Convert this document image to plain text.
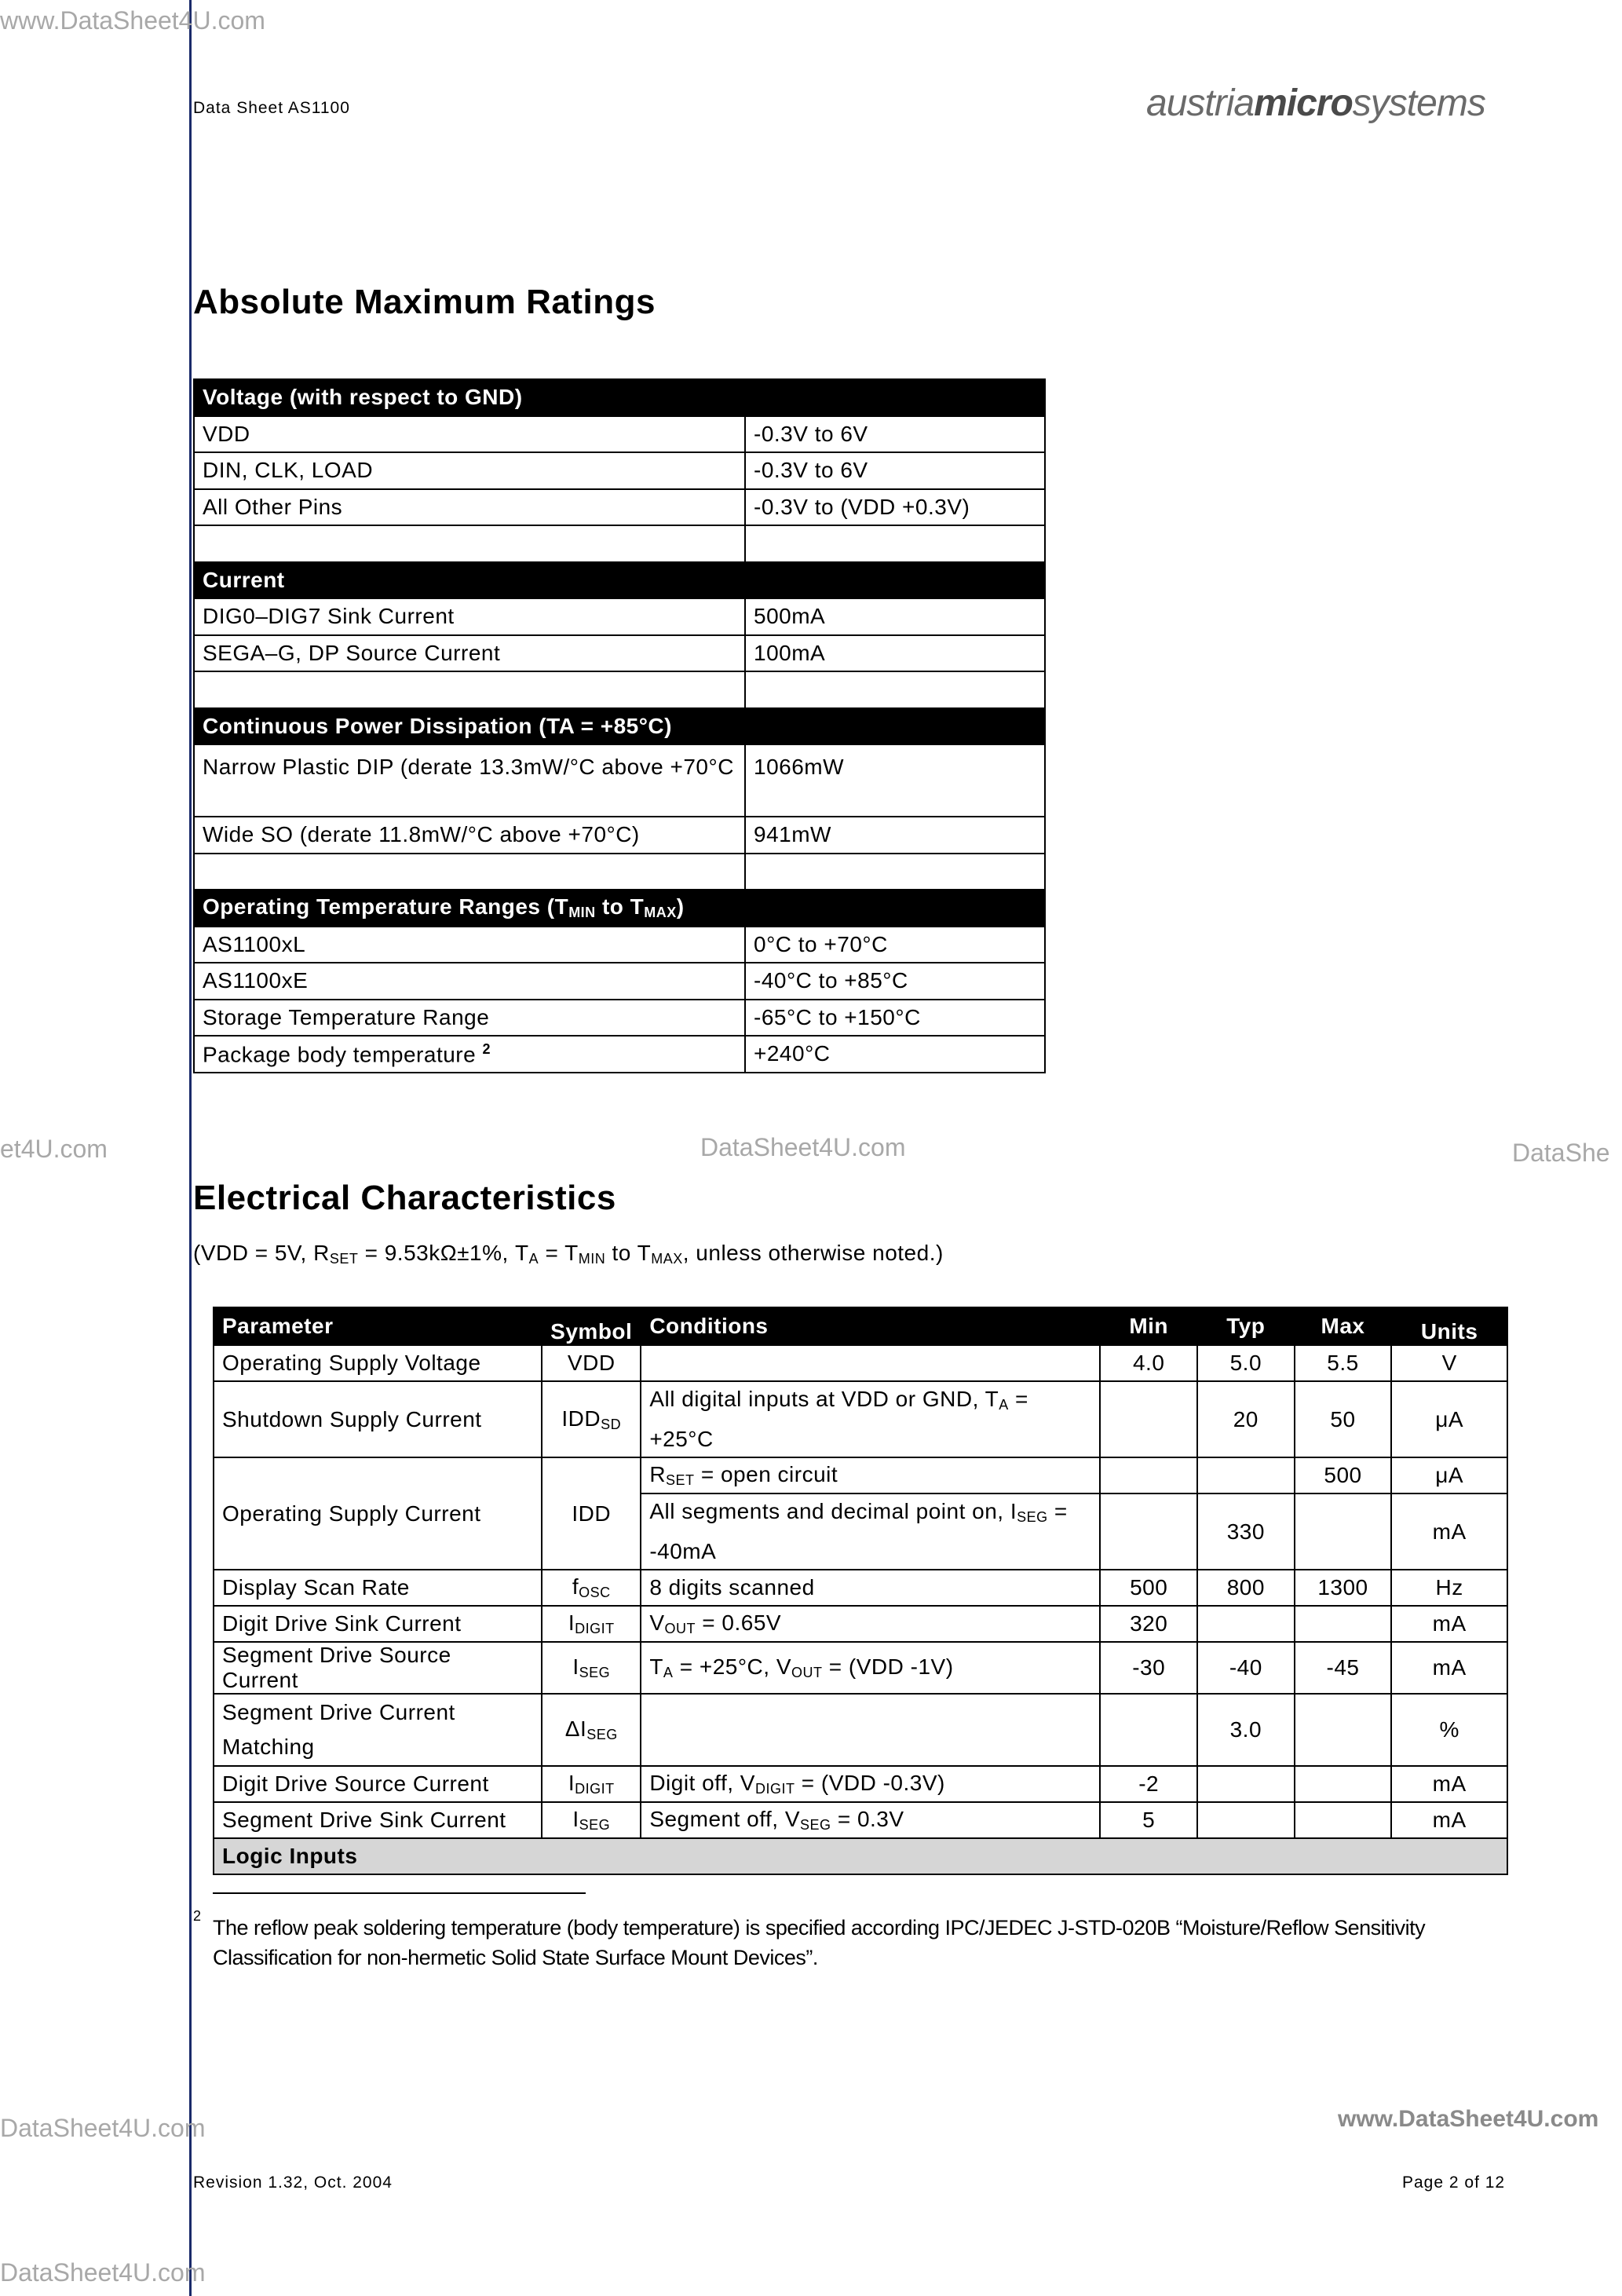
www.DataSheet4U.com
et4U.com	DataSheet4U.com	DataShe
DataSheet4U.com	www.DataSheet4U.com
DataSheet4U.com
Data Sheet AS1100	austriamicrosystems
Absolute Maximum Ratings
Voltage (with respect to GND)	
VDD	-0.3V to 6V
DIN, CLK, LOAD	-0.3V to 6V
All Other Pins	-0.3V to (VDD +0.3V)

Current	
DIG0–DIG7 Sink Current	500mA
SEGA–G, DP Source Current	100mA

Continuous Power Dissipation (TA = +85°C)	
Narrow Plastic DIP (derate 13.3mW/°C above +70°C	1066mW
Wide SO (derate 11.8mW/°C above +70°C)	941mW

Operating Temperature Ranges ($T_{MIN}$ to $T_{MAX}$)	
AS1100xL	0°C to +70°C
AS1100xE	-40°C to +85°C
Storage Temperature Range	-65°C to +150°C
Package body temperature $^2$	+240°C
Electrical Characteristics
(VDD = 5V, $R_{SET} = 9.53k\Omega\pm 1\%$, $T_A = T_{MIN}$ to $T_{MAX}$, unless otherwise noted.)
Parameter	Symbol	Conditions	Min	Typ	Max	Units
Operating Supply Voltage	VDD		4.0	5.0	5.5	V
Shutdown Supply Current	$IDD_{SD}$	All digital inputs at VDD or GND, $T_A = +25^\circ C$		20	50	μA
Operating Supply Current	IDD	$R_{SET}$ = open circuit			500	μA
		All segments and decimal point on, $I_{SEG} = -40mA$		330		mA
Display Scan Rate	$f_{OSC}$	8 digits scanned	500	800	1300	Hz
Digit Drive Sink Current	$I_{DIGIT}$	$V_{OUT} = 0.65V$	320			mA
Segment Drive Source Current	$I_{SEG}$	$T_A = +25^\circ C$, $V_{OUT} = (VDD$ -1V)	-30	-40	-45	mA
Segment Drive Current Matching	$\Delta I_{SEG}$			3.0		%
Digit Drive Source Current	$I_{DIGIT}$	Digit off, $V_{DIGIT} = (VDD$ -0.3V)	-2			mA
Segment Drive Sink Current	$I_{SEG}$	Segment off, $V_{SEG} = 0.3V$	5			mA
Logic Inputs						
2 The reflow peak soldering temperature (body temperature) is specified according IPC/JEDEC J-STD-020B “Moisture/Reflow Sensitivity Classification for non-hermetic Solid State Surface Mount Devices”.
Revision 1.32, Oct. 2004	Page 2 of 12
